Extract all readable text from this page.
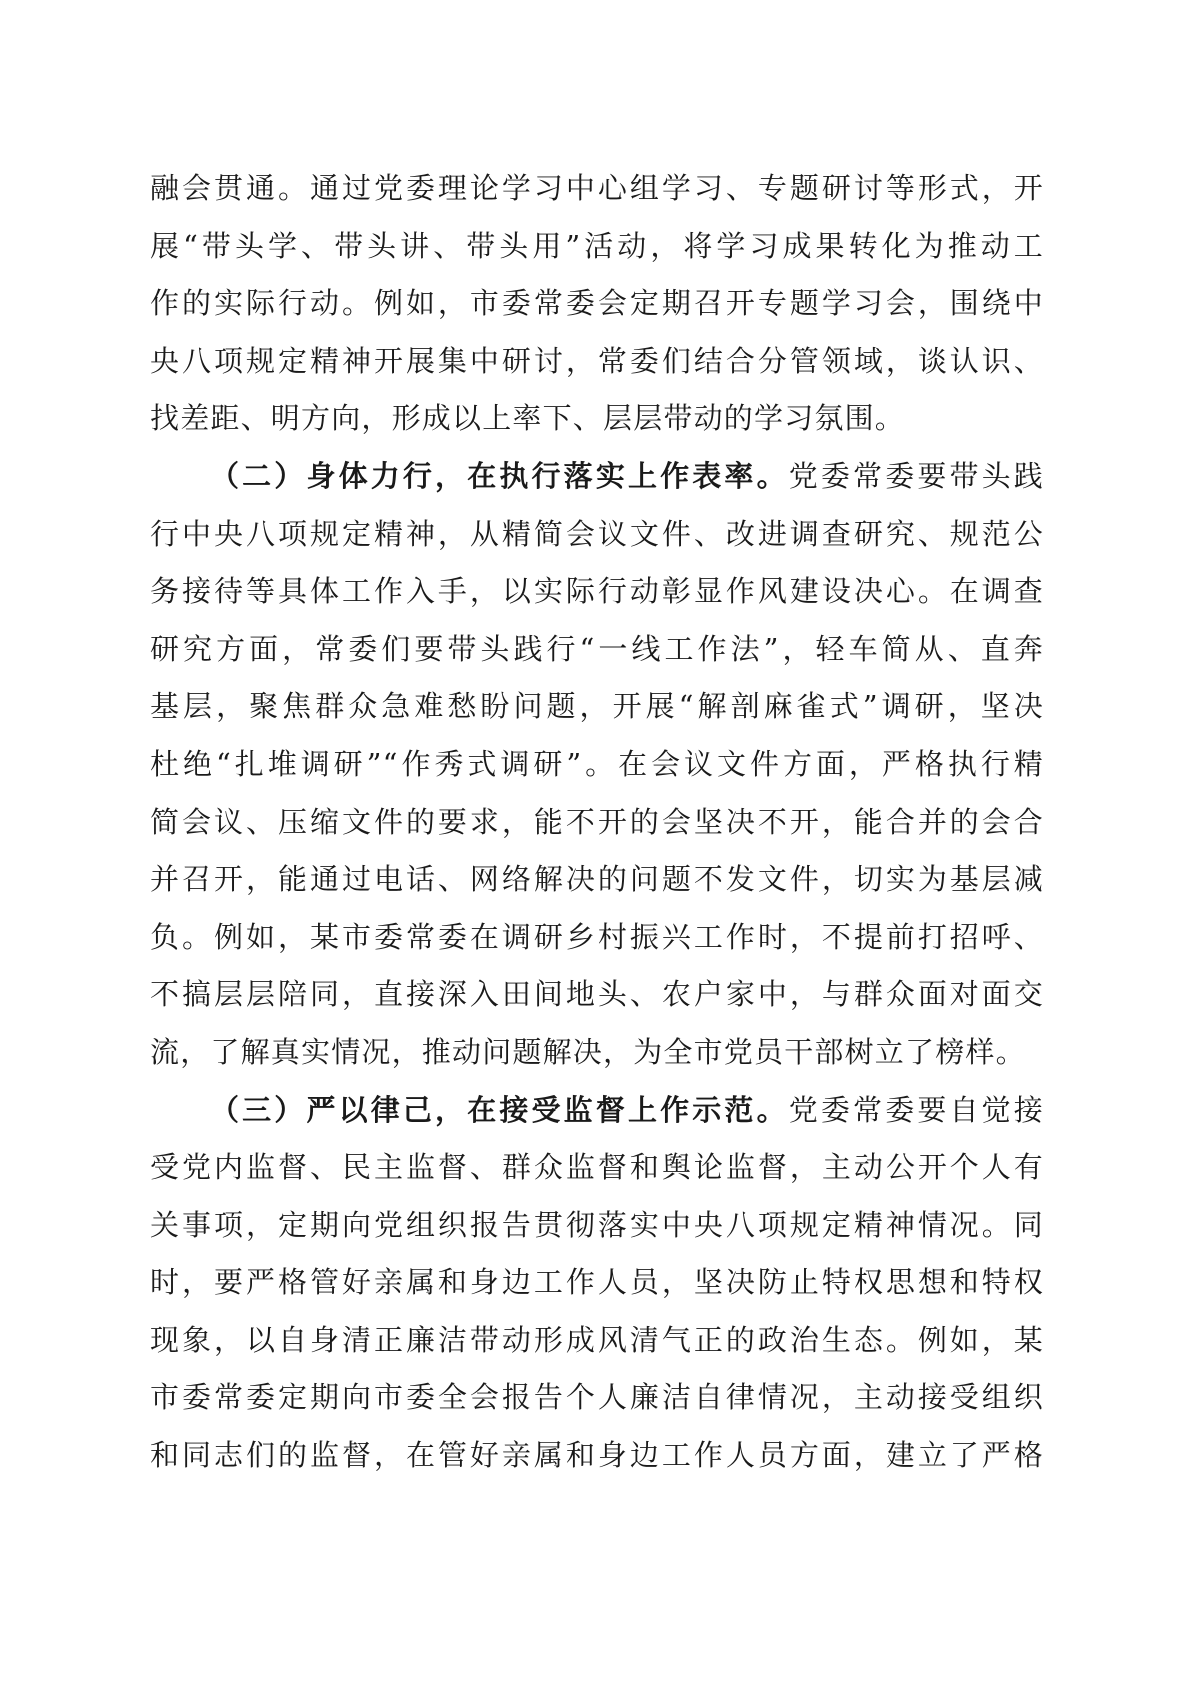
融会贯通。通过党委理论学习中心组学习、专题研讨等形式，开
展“带头学、带头讲、带头用”活动，将学习成果转化为推动工
作的实际行动。例如，市委常委会定期召开专题学习会，围绕中
央八项规定精神开展集中研讨，常委们结合分管领域，谈认识、
找差距、明方向，形成以上率下、层层带动的学习氛围。
（二）身体力行，在执行落实上作表率。党委常委要带头践
行中央八项规定精神，从精简会议文件、改进调查研究、规范公
务接待等具体工作入手，以实际行动彰显作风建设决心。在调查
研究方面，常委们要带头践行“一线工作法”，轻车简从、直奔
基层，聚焦群众急难愁盼问题，开展“解剖麻雀式”调研，坚决
杜绝“扎堆调研”“作秀式调研”。在会议文件方面，严格执行精
简会议、压缩文件的要求，能不开的会坚决不开，能合并的会合
并召开，能通过电话、网络解决的问题不发文件，切实为基层减
负。例如，某市委常委在调研乡村振兴工作时，不提前打招呼、
不搞层层陪同，直接深入田间地头、农户家中，与群众面对面交
流，了解真实情况，推动问题解决，为全市党员干部树立了榜样。
（三）严以律己，在接受监督上作示范。党委常委要自觉接
受党内监督、民主监督、群众监督和舆论监督，主动公开个人有
关事项，定期向党组织报告贯彻落实中央八项规定精神情况。同
时，要严格管好亲属和身边工作人员，坚决防止特权思想和特权
现象，以自身清正廉洁带动形成风清气正的政治生态。例如，某
市委常委定期向市委全会报告个人廉洁自律情况，主动接受组织
和同志们的监督，在管好亲属和身边工作人员方面，建立了严格
